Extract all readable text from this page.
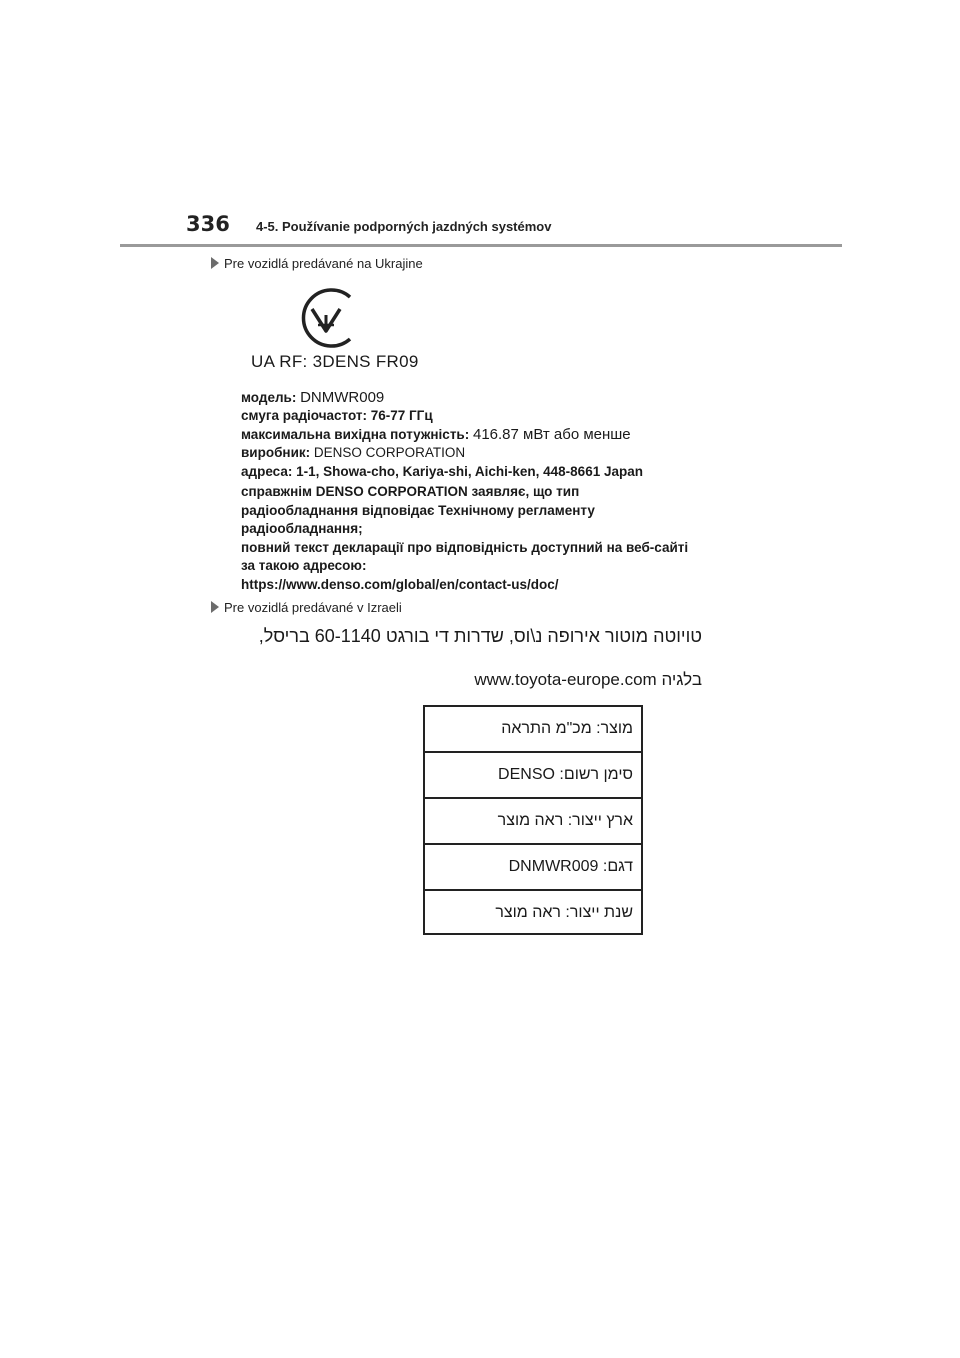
336 4-5. Používanie podporných jazdných systémov
Pre vozidlá predávané na Ukrajine
UA RF: 3DENS FR09
модель: DNMWR009
смуга радіочастот: 76-77 ГГц
максимальна вихідна потужність: 416.87 мВт або менше
виробник: DENSO CORPORATION
адреса: 1-1, Showa-cho, Kariya-shi, Aichi-ken, 448-8661 Japan
справжнім DENSO CORPORATION заявляє, що тип
радіообладнання відповідає Технічному регламенту
радіообладнання;
повний текст декларації про відповідність доступний на веб-сайті
за такою адресою:
https://www.denso.com/global/en/contact-us/doc/
Pre vozidlá predávané v Izraeli
טויוטה מוטור אירופה נ\וס, שדרות די בורגט 60-1140 בריסל,
בלגיה www.toyota-europe.com
מוצר: מכ"מ התראה
סימן רשום: DENSO
ארץ ייצור: ראה מוצר
דגם: DNMWR009
שנת ייצור: ראה מוצר
